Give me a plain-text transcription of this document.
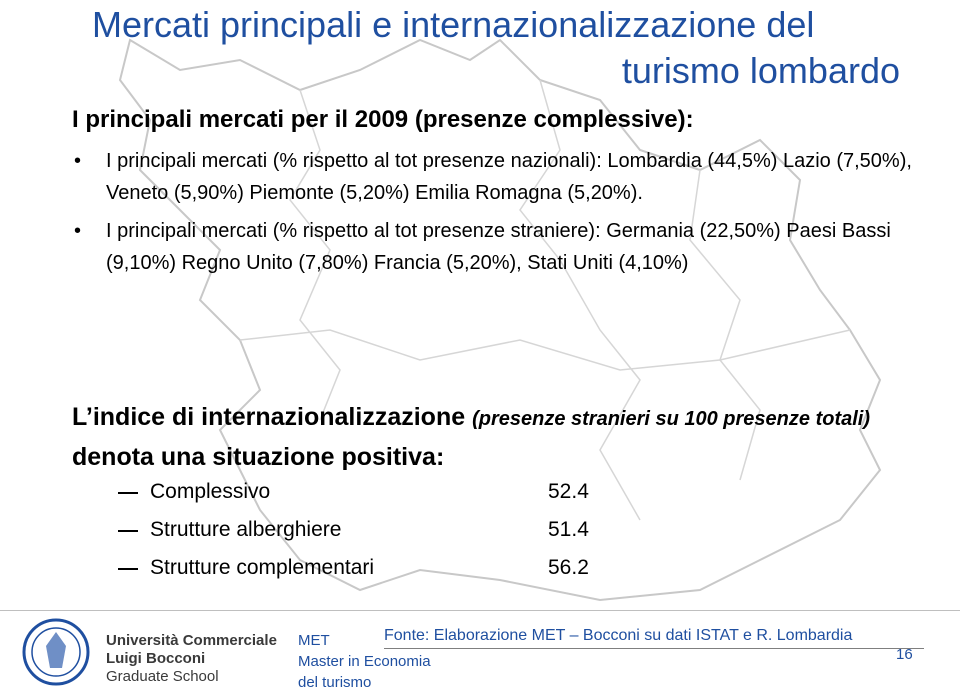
Mercati principali e internazionalizzazione del
turismo lombardo
I principali mercati per il 2009 (presenze complessive):
• I principali mercati (% rispetto al tot presenze nazionali): Lombardia (44,5%) Lazio (7,50%), Veneto (5,90%) Piemonte (5,20%) Emilia Romagna (5,20%).
• I principali mercati (% rispetto al tot presenze straniere): Germania (22,50%) Paesi Bassi (9,10%) Regno Unito (7,80%) Francia (5,20%), Stati Uniti (4,10%)
L’indice di internazionalizzazione (presenze stranieri su 100 presenze totali) denota una situazione positiva:
Complessivo	52.4
Strutture alberghiere	51.4
Strutture complementari	56.2
Università Commerciale
Luigi Bocconi
Graduate School
MET
Master in Economia
del turismo
Fonte: Elaborazione MET – Bocconi su dati ISTAT e R. Lombardia
16
